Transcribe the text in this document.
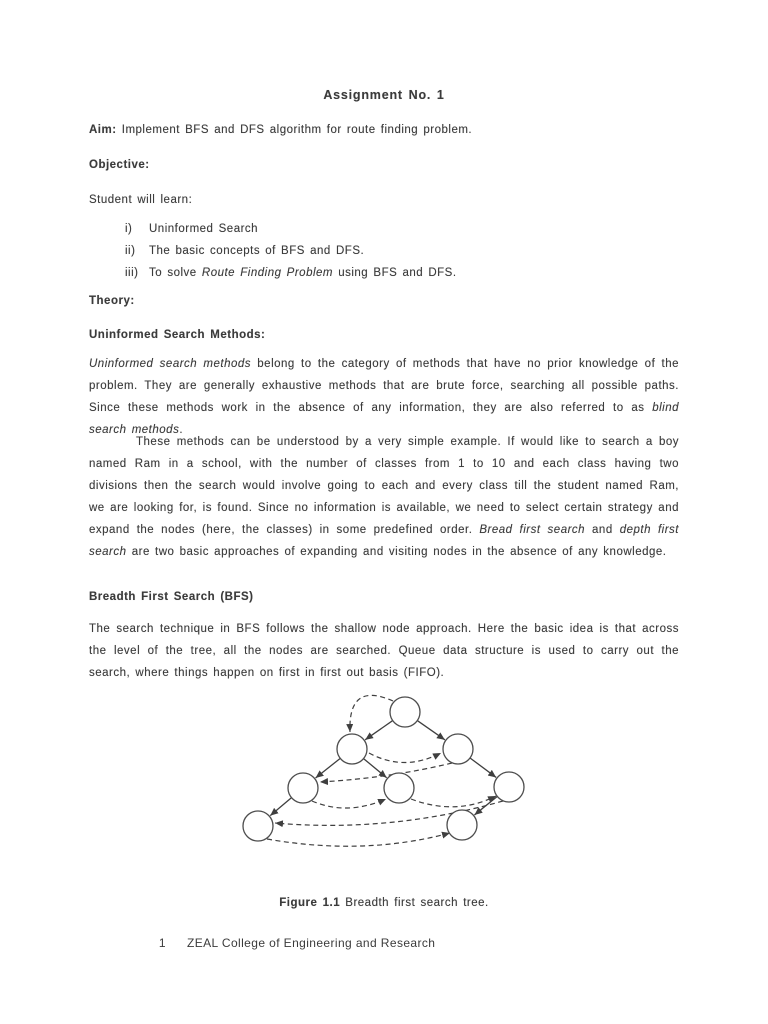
Assignment No. 1
Aim: Implement BFS and DFS algorithm for route finding problem.
Objective:
Student will learn:
i) Uninformed Search
ii) The basic concepts of BFS and DFS.
iii) To solve Route Finding Problem using BFS and DFS.
Theory:
Uninformed Search Methods:
Uninformed search methods belong to the category of methods that have no prior knowledge of the problem. They are generally exhaustive methods that are brute force, searching all possible paths. Since these methods work in the absence of any information, they are also referred to as blind search methods.
These methods can be understood by a very simple example. If would like to search a boy named Ram in a school, with the number of classes from 1 to 10 and each class having two divisions then the search would involve going to each and every class till the student named Ram, we are looking for, is found. Since no information is available, we need to select certain strategy and expand the nodes (here, the classes) in some predefined order. Bread first search and depth first search are two basic approaches of expanding and visiting nodes in the absence of any knowledge.
Breadth First Search (BFS)
The search technique in BFS follows the shallow node approach. Here the basic idea is that across the level of the tree, all the nodes are searched. Queue data structure is used to carry out the search, where things happen on first in first out basis (FIFO).
Figure 1.1 Breadth first search tree.
1 ZEAL College of Engineering and Research
